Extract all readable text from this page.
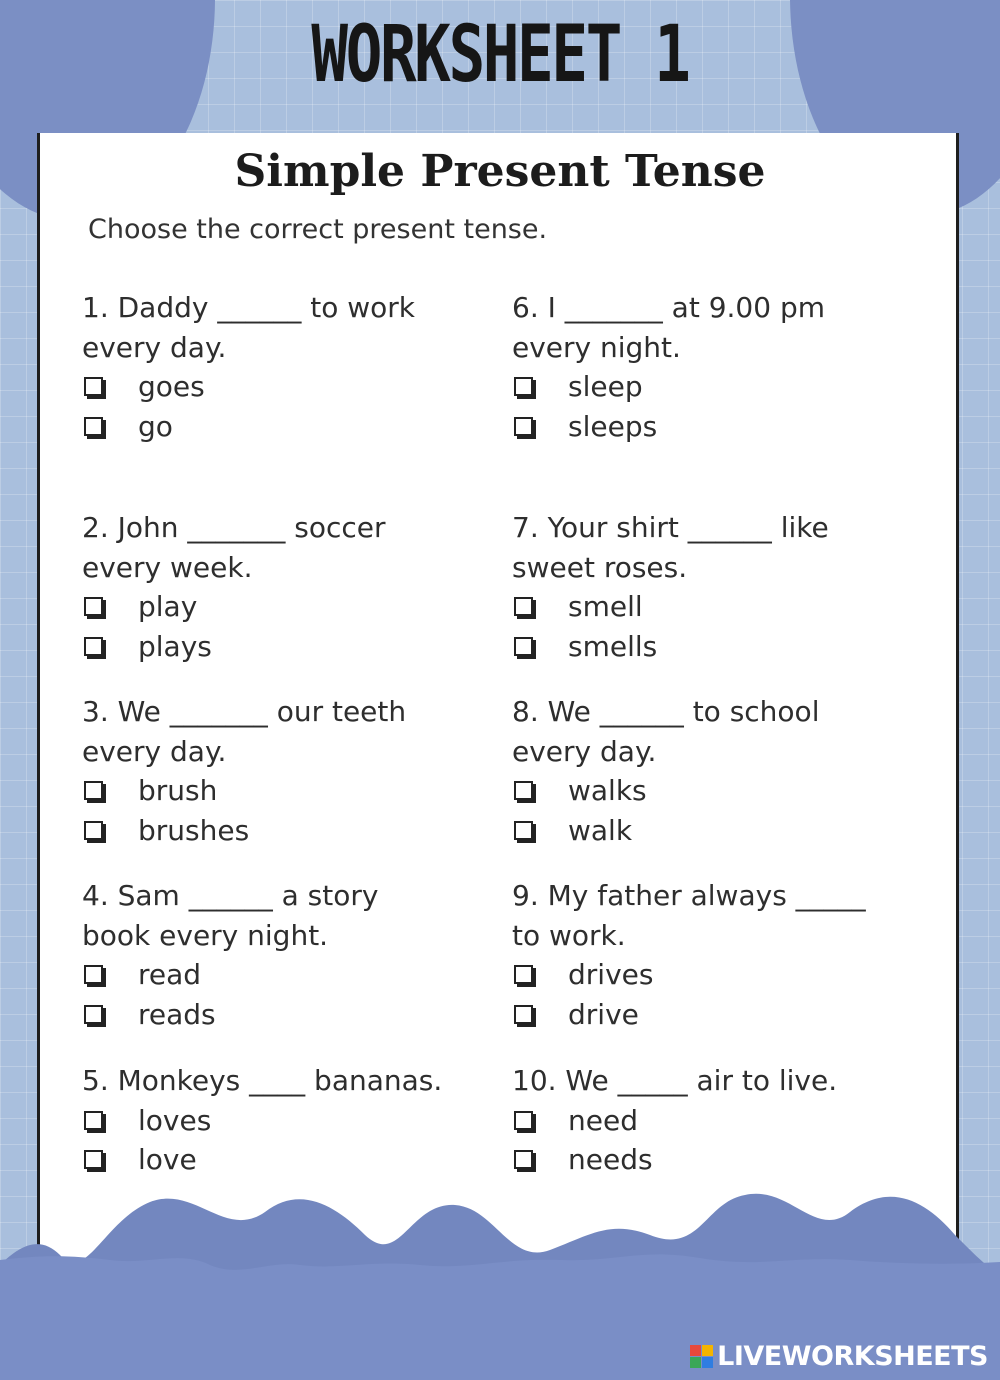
WORKSHEET 1
Simple Present Tense
Choose the correct present tense.
1. Daddy ______ to work
every day.
goes
go
2. John _______ soccer
every week.
play
plays
3. We _______ our teeth
every day.
brush
brushes
4. Sam ______ a story
book every night.
read
reads
5. Monkeys ____ bananas.
loves
love
6. I _______ at 9.00 pm
every night.
sleep
sleeps
7. Your shirt ______ like
sweet roses.
smell
smells
8. We ______ to school
every day.
walks
walk
9. My father always _____
to work.
drives
drive
10. We _____ air to live.
need
needs
LIVEWORKSHEETS
